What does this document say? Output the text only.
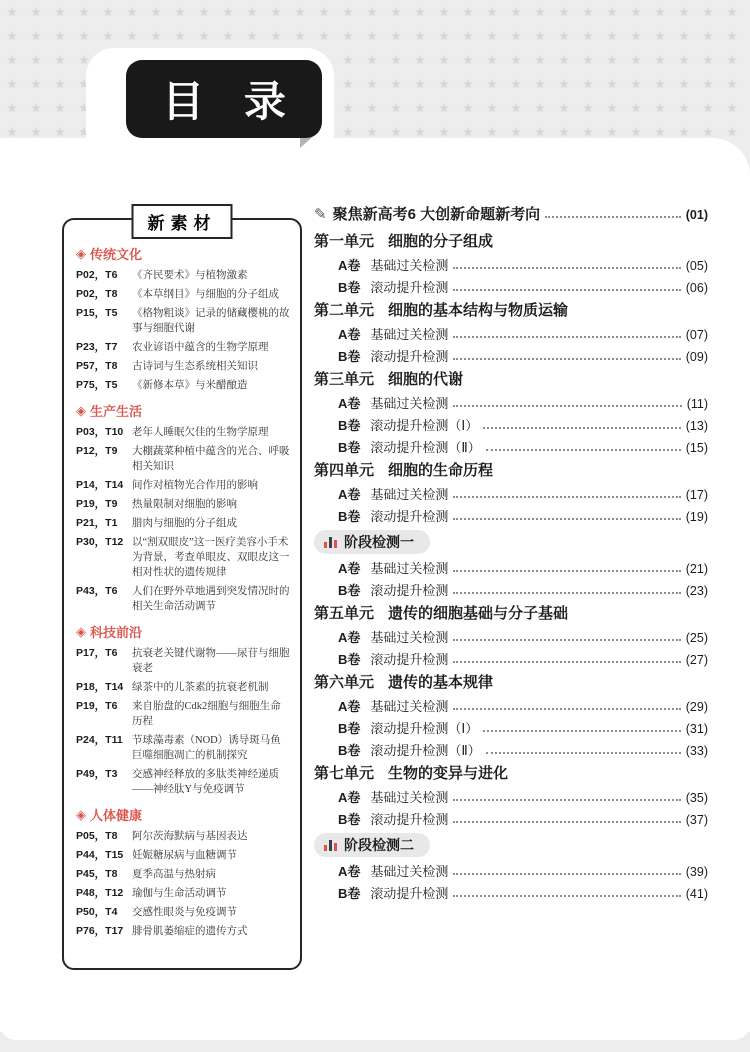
目 录
新素材
◈ 传统文化
P02，T6	《齐民要术》与植物激素
P02，T8	《本草纲目》与细胞的分子组成
P15，T5	《格物粗谈》记录的储藏樱桃的故事与细胞代谢
P23，T7	农业谚语中蕴含的生物学原理
P57，T8	古诗词与生态系统相关知识
P75，T5	《新修本草》与米醋酿造
◈ 生产生活
P03，T10 老年人睡眠欠佳的生物学原理
P12，T9	大棚蔬菜种植中蕴含的光合、呼吸相关知识
P14，T14 间作对植物光合作用的影响
P19，T9	热量限制对细胞的影响
P21，T1	腊肉与细胞的分子组成
P30，T12 以“割双眼皮”这一医疗美容小手术为背景，考查单眼皮、双眼皮这一相对性状的遗传规律
P43，T6	人们在野外草地遇到突发情况时的相关生命活动调节
◈ 科技前沿
P17，T6	抗衰老关键代谢物——尿苷与细胞衰老
P18，T14 绿茶中的儿茶素的抗衰老机制
P19，T6	来自胎盘的Cdk2细胞与细胞生命历程
P24，T11 节球藻毒素（NOD）诱导斑马鱼巨噬细胞凋亡的机制探究
P49，T3	交感神经释放的多肽类神经递质——神经肽Y与免疫调节
◈ 人体健康
P05，T8	阿尔茨海默病与基因表达
P44，T15 妊娠糖尿病与血糖调节
P45，T8	夏季高温与热射病
P48，T12 瑜伽与生命活动调节
P50，T4	交感性眼炎与免疫调节
P76，T17 腓骨肌萎缩症的遗传方式
✎ 聚焦新高考6 大创新命题新考向	(01)
第一单元 细胞的分子组成
A卷 基础过关检测	(05)
B卷 滚动提升检测	(06)
第二单元 细胞的基本结构与物质运输
A卷 基础过关检测	(07)
B卷 滚动提升检测	(09)
第三单元 细胞的代谢
A卷 基础过关检测	(11)
B卷 滚动提升检测（Ⅰ）	(13)
B卷 滚动提升检测（Ⅱ）	(15)
第四单元 细胞的生命历程
A卷 基础过关检测	(17)
B卷 滚动提升检测	(19)
阶段检测一
A卷 基础过关检测	(21)
B卷 滚动提升检测	(23)
第五单元 遗传的细胞基础与分子基础
A卷 基础过关检测	(25)
B卷 滚动提升检测	(27)
第六单元 遗传的基本规律
A卷 基础过关检测	(29)
B卷 滚动提升检测（Ⅰ）	(31)
B卷 滚动提升检测（Ⅱ）	(33)
第七单元 生物的变异与进化
A卷 基础过关检测	(35)
B卷 滚动提升检测	(37)
阶段检测二
A卷 基础过关检测	(39)
B卷 滚动提升检测	(41)
